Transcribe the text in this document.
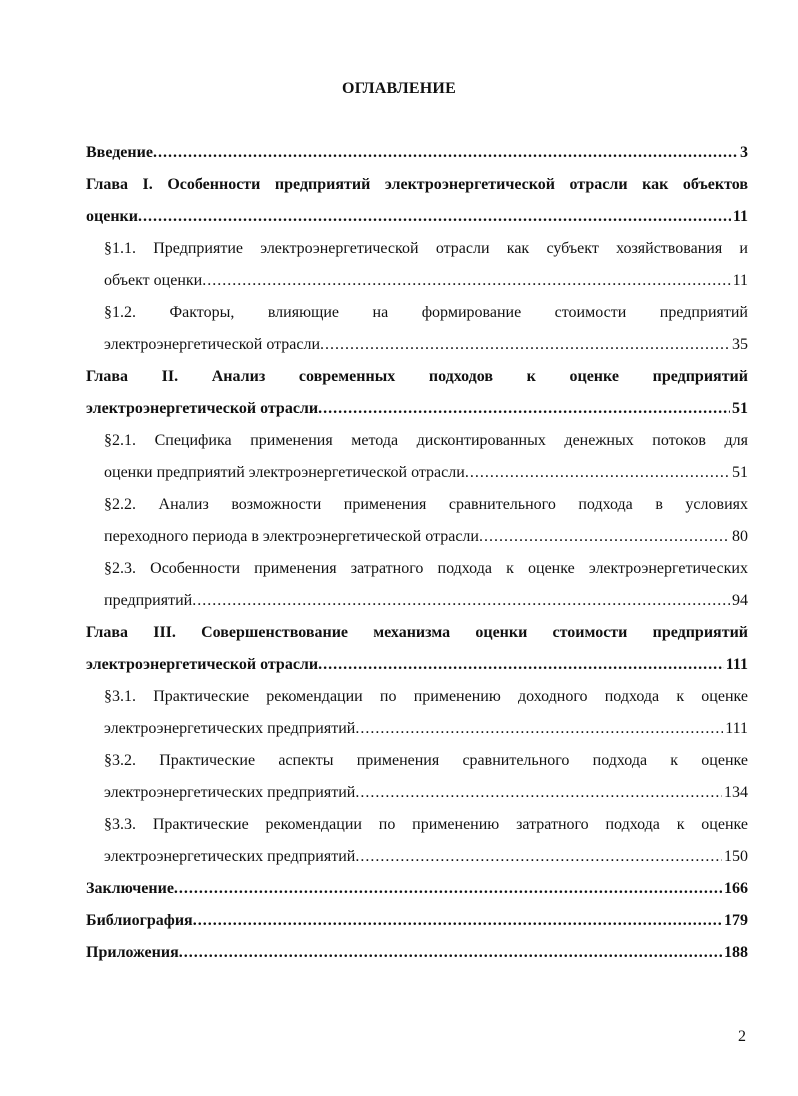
ОГЛАВЛЕНИЕ
Введение .....	3
Глава I. Особенности предприятий электроэнергетической отрасли как объектов
оценки .....	11
§1.1. Предприятие электроэнергетической отрасли как субъект хозяйствования и
объект оценки .....	11
§1.2. Факторы, влияющие на формирование стоимости предприятий
электроэнергетической отрасли .....	35
Глава II. Анализ современных подходов к оценке предприятий
электроэнергетической отрасли .....	51
§2.1. Специфика применения метода дисконтированных денежных потоков для
оценки предприятий электроэнергетической отрасли .....	51
§2.2. Анализ возможности применения сравнительного подхода в условиях
переходного периода в электроэнергетической отрасли .....	80
§2.3. Особенности применения затратного подхода к оценке электроэнергетических
предприятий .....	94
Глава III. Совершенствование механизма оценки стоимости предприятий
электроэнергетической отрасли .....	111
§3.1. Практические рекомендации по применению доходного подхода к оценке
электроэнергетических предприятий .....	111
§3.2. Практические аспекты применения сравнительного подхода к оценке
электроэнергетических предприятий .....	134
§3.3. Практические рекомендации по применению затратного подхода к оценке
электроэнергетических предприятий .....	150
Заключение .....	166
Библиография .....	179
Приложения .....	188
2
